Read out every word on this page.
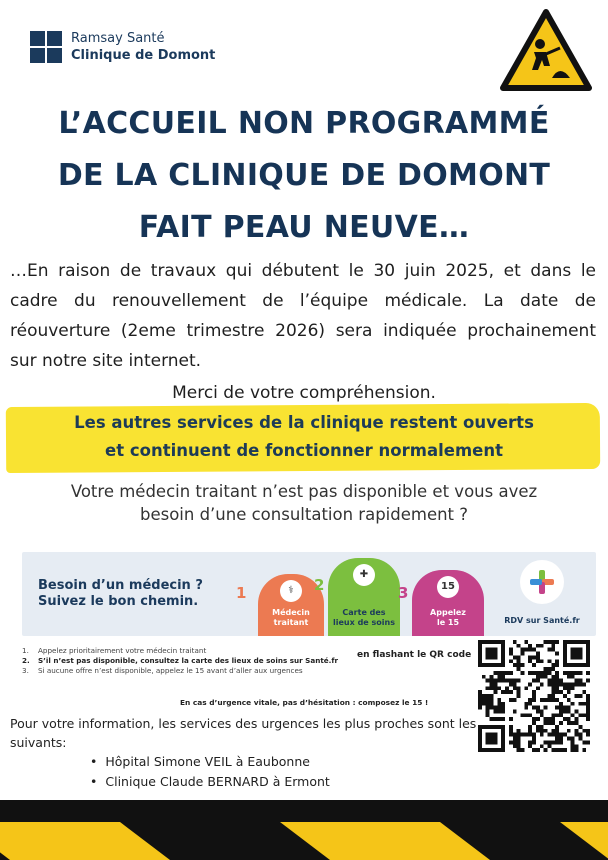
Ramsay Santé
Clinique de Domont
L’ACCUEIL NON PROGRAMMÉ
DE LA CLINIQUE DE DOMONT
FAIT PEAU NEUVE…

…En raison de travaux qui débutent le 30 juin 2025, et dans le cadre du renouvellement de l’équipe médicale. La date de réouverture (2eme trimestre 2026) sera indiquée prochainement sur notre site internet.

Merci de votre compréhension.

Les autres services de la clinique restent ouverts
et continuent de fonctionner normalement
Votre médecin traitant n’est pas disponible et vous avez
besoin d’une consultation rapidement ?
Besoin d’un médecin ?
Suivez le bon chemin.	1	⚕
Médecin
traitant
2
✚
Carte des
lieux de soins
3	15
Appelez
le 15	RDV sur Santé.fr
1.	Appelez prioritairement votre médecin traitant
2.	S’il n’est pas disponible, consultez la carte des lieux de soins sur Santé.fr
3.	Si aucune offre n’est disponible, appelez le 15 avant d’aller aux urgences
en flashant le QR code
En cas d’urgence vitale, pas d’hésitation : composez le 15 !

Pour votre information, les services des urgences les plus proches sont les suivants:

• Hôpital Simone VEIL à Eaubonne
• Clinique Claude BERNARD à Ermont
